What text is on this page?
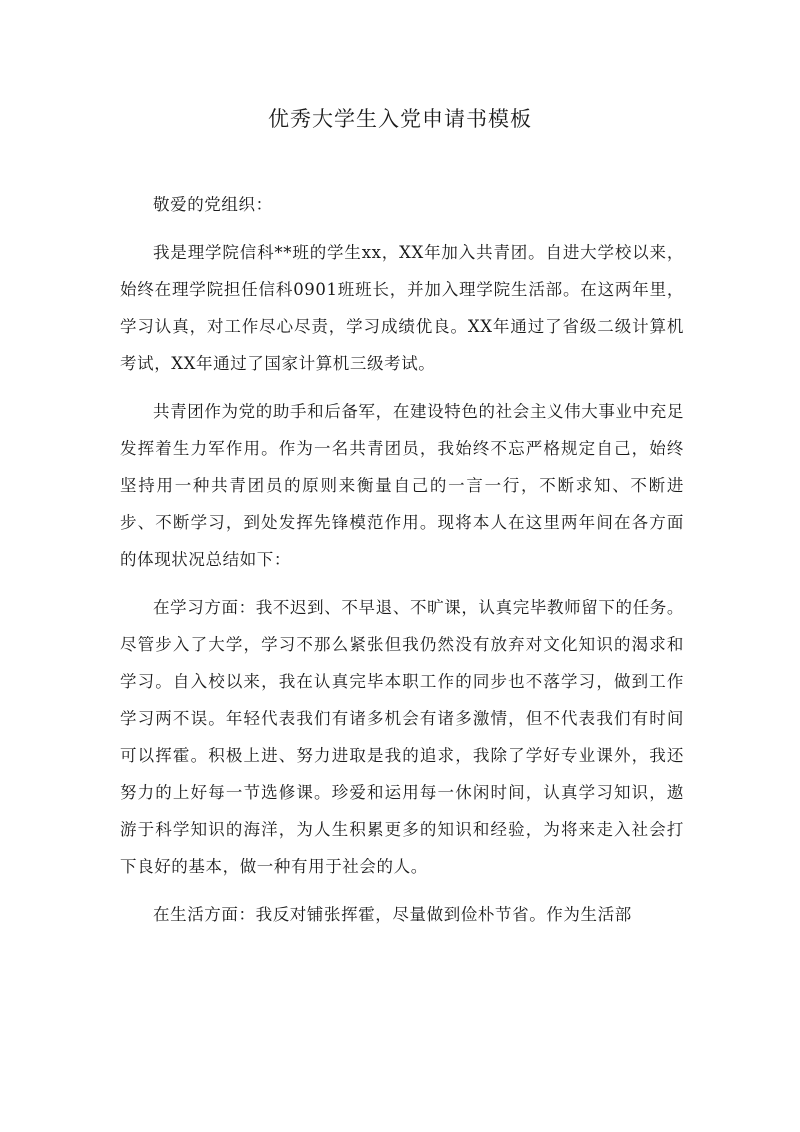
优秀大学生入党申请书模板

敬爱的党组织：

我是理学院信科**班的学生xx，XX年加入共青团。自进大学校以来，始终在理学院担任信科0901班班长，并加入理学院生活部。在这两年里，学习认真，对工作尽心尽责，学习成绩优良。XX年通过了省级二级计算机考试，XX年通过了国家计算机三级考试。

共青团作为党的助手和后备军，在建设特色的社会主义伟大事业中充足发挥着生力军作用。作为一名共青团员，我始终不忘严格规定自己，始终坚持用一种共青团员的原则来衡量自己的一言一行，不断求知、不断进步、不断学习，到处发挥先锋模范作用。现将本人在这里两年间在各方面的体现状况总结如下：

在学习方面：我不迟到、不早退、不旷课，认真完毕教师留下的任务。尽管步入了大学，学习不那么紧张但我仍然没有放弃对文化知识的渴求和学习。自入校以来，我在认真完毕本职工作的同步也不落学习，做到工作学习两不误。年轻代表我们有诸多机会有诸多激情，但不代表我们有时间可以挥霍。积极上进、努力进取是我的追求，我除了学好专业课外，我还努力的上好每一节选修课。珍爱和运用每一休闲时间，认真学习知识，遨游于科学知识的海洋，为人生积累更多的知识和经验，为将来走入社会打下良好的基本，做一种有用于社会的人。

在生活方面：我反对铺张挥霍，尽量做到俭朴节省。作为生活部
